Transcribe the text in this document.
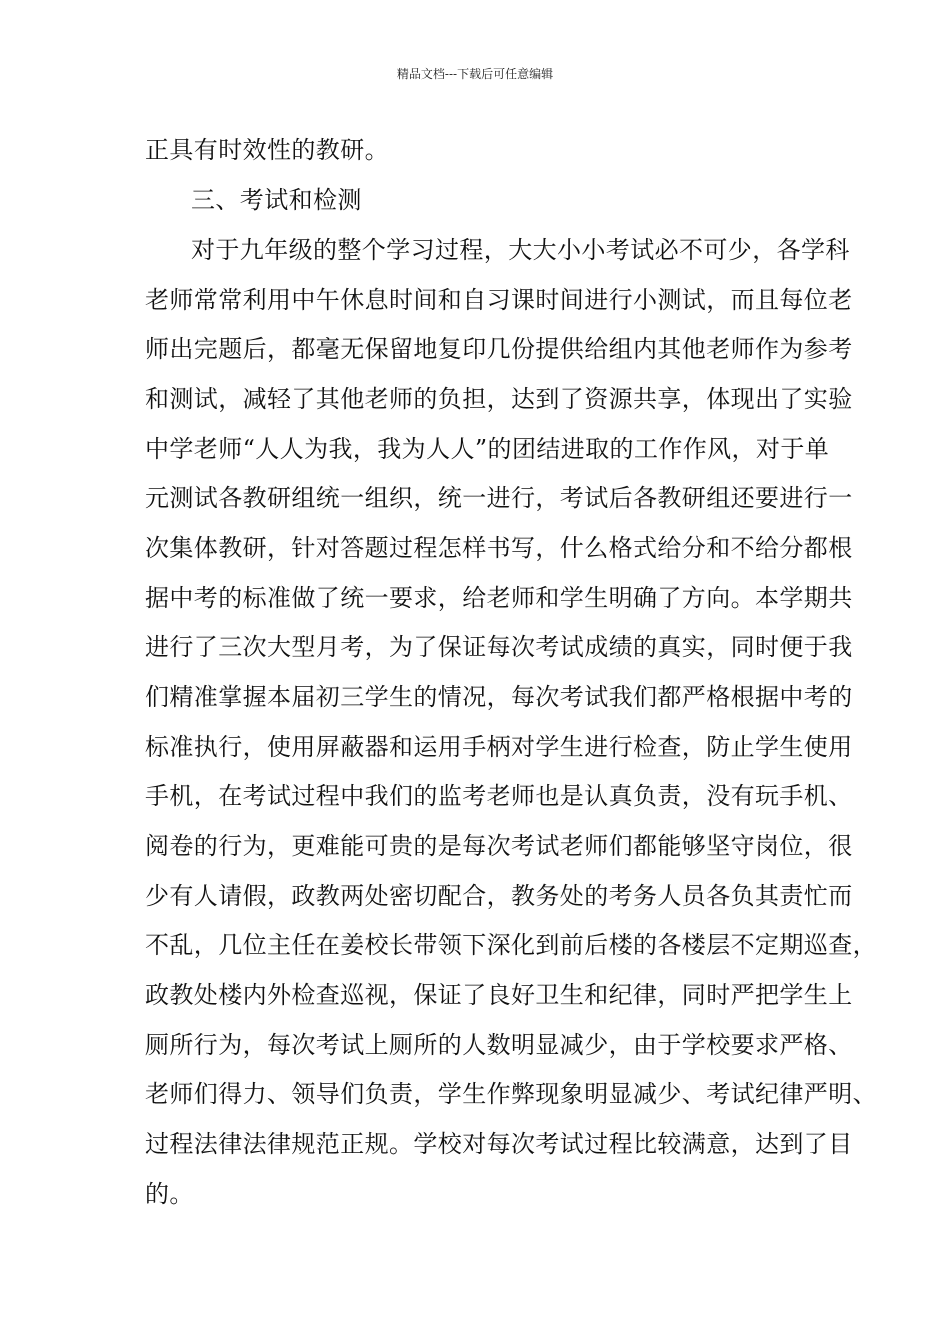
精品文档---下载后可任意编辑
正具有时效性的教研。
三、考试和检测
对于九年级的整个学习过程，大大小小考试必不可少，各学科
老师常常利用中午休息时间和自习课时间进行小测试，而且每位老
师出完题后，都毫无保留地复印几份提供给组内其他老师作为参考
和测试，减轻了其他老师的负担，达到了资源共享，体现出了实验
中学老师“人人为我，我为人人”的团结进取的工作作风，对于单
元测试各教研组统一组织，统一进行，考试后各教研组还要进行一
次集体教研，针对答题过程怎样书写，什么格式给分和不给分都根
据中考的标准做了统一要求，给老师和学生明确了方向。本学期共
进行了三次大型月考，为了保证每次考试成绩的真实，同时便于我
们精准掌握本届初三学生的情况，每次考试我们都严格根据中考的
标准执行，使用屏蔽器和运用手柄对学生进行检查，防止学生使用
手机，在考试过程中我们的监考老师也是认真负责，没有玩手机、
阅卷的行为，更难能可贵的是每次考试老师们都能够坚守岗位，很
少有人请假，政教两处密切配合，教务处的考务人员各负其责忙而
不乱，几位主任在姜校长带领下深化到前后楼的各楼层不定期巡查，
政教处楼内外检查巡视，保证了良好卫生和纪律，同时严把学生上
厕所行为，每次考试上厕所的人数明显减少，由于学校要求严格、
老师们得力、领导们负责，学生作弊现象明显减少、考试纪律严明、
过程法律法律规范正规。学校对每次考试过程比较满意，达到了目
的。
